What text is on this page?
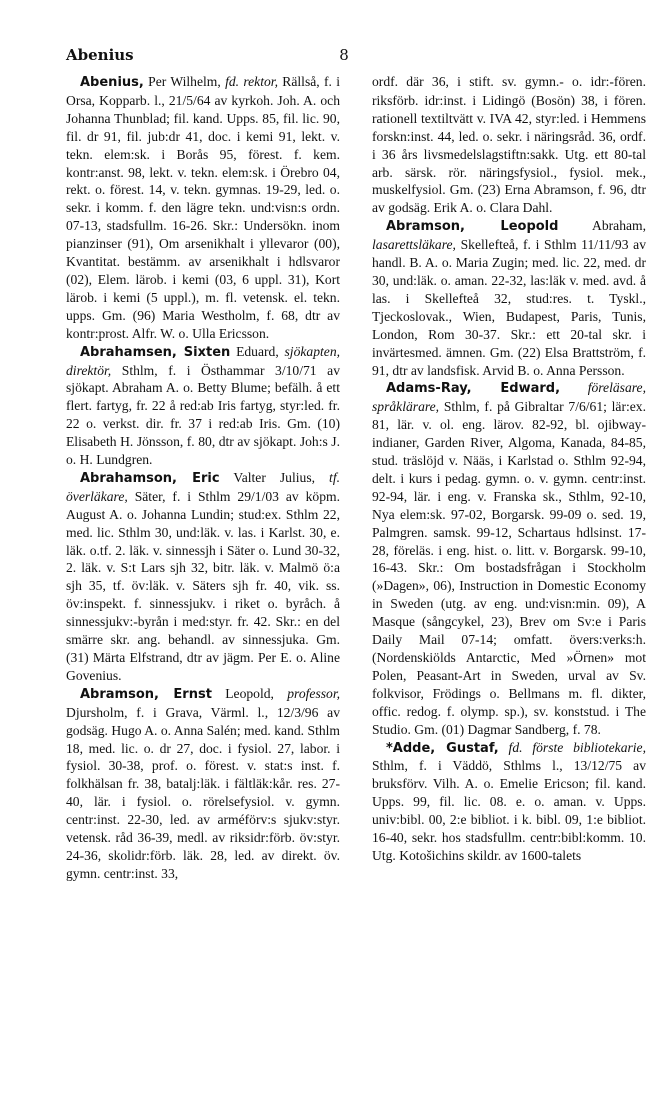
Abenius	8

Abenius, Per Wilhelm, fd. rektor, Rällså, f. i Orsa, Kopparb. l., 21/5/64 av kyrkoh. Joh. A. och Johanna Thunblad; fil. kand. Upps. 85, fil. lic. 90, fil. dr 91, fil. jub:dr 41, doc. i kemi 91, lekt. v. tekn. elem:sk. i Borås 95, förest. f. kem. kontr:anst. 98, lekt. v. tekn. elem:sk. i Örebro 04, rekt. o. förest. 14, v. tekn. gymnas. 19-29, led. o. sekr. i komm. f. den lägre tekn. und:visn:s ordn. 07-13, stadsfullm. 16-26. Skr.: Undersökn. inom pianzinser (91), Om arsenikhalt i yllevaror (00), Kvantitat. bestämm. av arsenikhalt i hdlsvaror (02), Elem. lärob. i kemi (03, 6 uppl. 31), Kort lärob. i kemi (5 uppl.), m. fl. vetensk. el. tekn. upps. Gm. (96) Maria Westholm, f. 68, dtr av kontr:prost. Alfr. W. o. Ulla Ericsson.

Abrahamsen, Sixten Eduard, sjökapten, direktör, Sthlm, f. i Östhammar 3/10/71 av sjökapt. Abraham A. o. Betty Blume; befälh. å ett flert. fartyg, fr. 22 å red:ab Iris fartyg, styr:led. fr. 22 o. verkst. dir. fr. 37 i red:ab Iris. Gm. (10) Elisabeth H. Jönsson, f. 80, dtr av sjökapt. Joh:s J. o. H. Lundgren.

Abrahamson, Eric Valter Julius, tf. överläkare, Säter, f. i Sthlm 29/1/03 av köpm. August A. o. Johanna Lundin; stud:ex. Sthlm 22, med. lic. Sthlm 30, und:läk. v. las. i Karlst. 30, e. läk. o.tf. 2. läk. v. sinnessjh i Säter o. Lund 30-32, 2. läk. v. S:t Lars sjh 32, bitr. läk. v. Malmö ö:a sjh 35, tf. öv:läk. v. Säters sjh fr. 40, vik. ss. öv:inspekt. f. sinnessjukv. i riket o. byråch. å sinnessjukv:-byrån i med:styr. fr. 42. Skr.: en del smärre skr. ang. behandl. av sinnessjuka. Gm. (31) Märta Elfstrand, dtr av jägm. Per E. o. Aline Govenius.

Abramson, Ernst Leopold, professor, Djursholm, f. i Grava, Värml. l., 12/3/96 av godsäg. Hugo A. o. Anna Salén; med. kand. Sthlm 18, med. lic. o. dr 27, doc. i fysiol. 27, labor. i fysiol. 30-38, prof. o. förest. v. stat:s inst. f. folkhälsan fr. 38, batalj:läk. i fältläk:kår. res. 27-40, lär. i fysiol. o. rörelsefysiol. v. gymn. centr:inst. 22-30, led. av arméförv:s sjukv:styr. vetensk. råd 36-39, medl. av riksidr:förb. öv:styr. 24-36, skolidr:förb. läk. 28, led. av direkt. öv. gymn. centr:inst. 33,

ordf. där 36, i stift. sv. gymn.- o. idr:-fören. riksförb. idr:inst. i Lidingö (Bosön) 38, i fören. rationell textiltvätt v. IVA 42, styr:led. i Hemmens forskn:inst. 44, led. o. sekr. i näringsråd. 36, ordf. i 36 års livsmedelslagstiftn:sakk. Utg. ett 80-tal arb. särsk. rör. näringsfysiol., fysiol. mek., muskelfysiol. Gm. (23) Erna Abramson, f. 96, dtr av godsäg. Erik A. o. Clara Dahl.

Abramson, Leopold Abraham, lasarettsläkare, Skellefteå, f. i Sthlm 11/11/93 av handl. B. A. o. Maria Zugin; med. lic. 22, med. dr 30, und:läk. o. aman. 22-32, las:läk v. med. avd. å las. i Skellefteå 32, stud:res. t. Tyskl., Tjeckoslovak., Wien, Budapest, Paris, Tunis, London, Rom 30-37. Skr.: ett 20-tal skr. i invärtesmed. ämnen. Gm. (22) Elsa Brattström, f. 91, dtr av landsfisk. Arvid B. o. Anna Persson.

Adams-Ray, Edward, föreläsare, språklärare, Sthlm, f. på Gibraltar 7/6/61; lär:ex. 81, lär. v. ol. eng. lärov. 82-92, bl. ojibway-indianer, Garden River, Algoma, Kanada, 84-85, stud. träslöjd v. Nääs, i Karlstad o. Sthlm 92-94, delt. i kurs i pedag. gymn. o. v. gymn. centr:inst. 92-94, lär. i eng. v. Franska sk., Sthlm, 92-10, Nya elem:sk. 97-02, Borgarsk. 99-09 o. sed. 19, Palmgren. samsk. 99-12, Schartaus hdlsinst. 17-28, föreläs. i eng. hist. o. litt. v. Borgarsk. 99-10, 16-43. Skr.: Om bostadsfrågan i Stockholm (»Dagen», 06), Instruction in Domestic Economy in Sweden (utg. av eng. und:visn:min. 09), A Masque (sångcykel, 23), Brev om Sv:e i Paris Daily Mail 07-14; omfatt. övers:verks:h. (Nordenskiölds Antarctic, Med »Örnen» mot Polen, Peasant-Art in Sweden, urval av Sv. folkvisor, Frödings o. Bellmans m. fl. dikter, offic. redog. f. olymp. sp.), sv. konststud. i The Studio. Gm. (01) Dagmar Sandberg, f. 78.

*Adde, Gustaf, fd. förste bibliotekarie, Sthlm, f. i Väddö, Sthlms l., 13/12/75 av bruksförv. Vilh. A. o. Emelie Ericson; fil. kand. Upps. 99, fil. lic. 08. e. o. aman. v. Upps. univ:bibl. 00, 2:e bibliot. i k. bibl. 09, 1:e bibliot. 16-40, sekr. hos stadsfullm. centr:bibl:komm. 10. Utg. Kotošichins skildr. av 1600-talets
